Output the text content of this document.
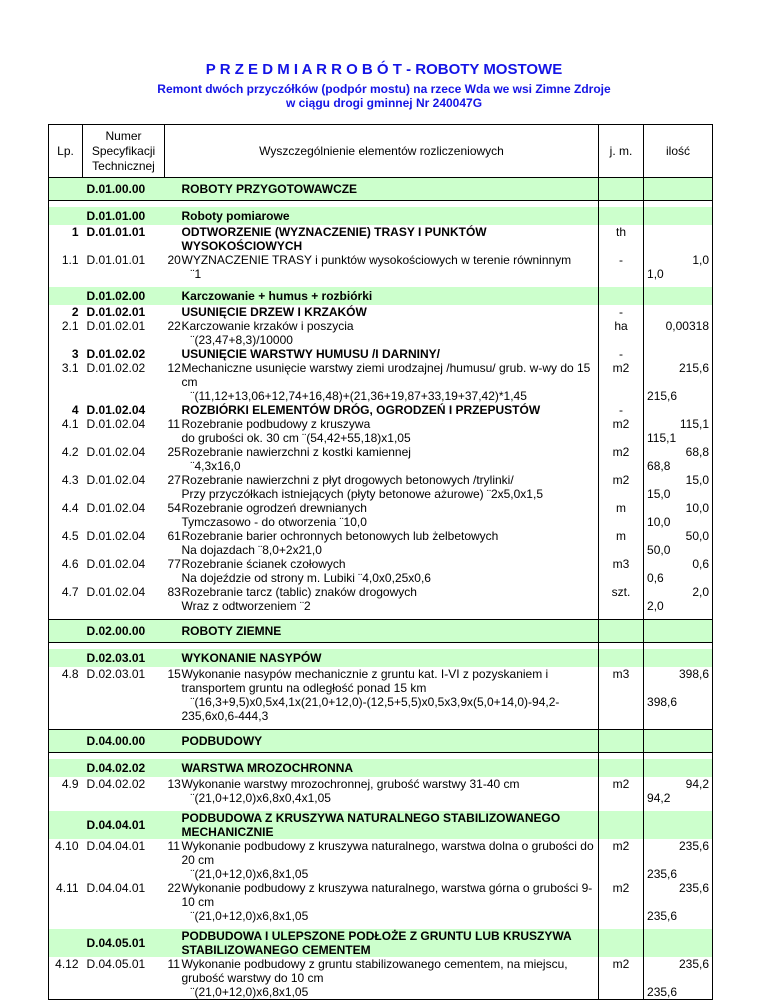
P R Z E D M I A R R O B Ó T - ROBOTY MOSTOWE
Remont dwóch przyczółków (podpór mostu) na rzece Wda we wsi Zimne Zdroje
w ciągu drogi gminnej Nr 240047G
Lp.	Numer Specyfikacji Technicznej	Wyszczególnienie elementów rozliczeniowych		j. m.	ilość
	D.01.00.00		ROBOTY PRZYGOTOWAWCZE		

	D.01.01.00		Roboty pomiarowe		
1	D.01.01.01		ODTWORZENIE (WYZNACZENIE) TRASY I PUNKTÓW	th	
			WYSOKOŚCIOWYCH		
1.1	D.01.01.01	20	WYZNACZENIE TRASY i punktów wysokościowych w terenie równinnym	-	1,0
			¨1		1,0

	D.01.02.00		Karczowanie + humus + rozbiórki		
2	D.01.02.01		USUNIĘCIE DRZEW I KRZAKÓW	-	
2.1	D.01.02.01	22	Karczowanie krzaków i poszycia	ha	0,00318
			¨(23,47+8,3)/10000		
3	D.01.02.02		USUNIĘCIE WARSTWY HUMUSU /I DARNINY/	-	
3.1	D.01.02.02	12	Mechaniczne usunięcie warstwy ziemi urodzajnej /humusu/ grub. w-wy do 15	m2	215,6
			cm		
			¨(11,12+13,06+12,74+16,48)+(21,36+19,87+33,19+37,42)*1,45		215,6
4	D.01.02.04		ROZBIÓRKI ELEMENTÓW DRÓG, OGRODZEŃ I PRZEPUSTÓW	-	
4.1	D.01.02.04	11	Rozebranie podbudowy z kruszywa	m2	115,1
			do grubości ok. 30 cm ¨(54,42+55,18)x1,05		115,1
4.2	D.01.02.04	25	Rozebranie nawierzchni z kostki kamiennej	m2	68,8
			¨4,3x16,0		68,8
4.3	D.01.02.04	27	Rozebranie nawierzchni z płyt drogowych betonowych /trylinki/	m2	15,0
			Przy przyczółkach istniejących (płyty betonowe ażurowe) ¨2x5,0x1,5		15,0
4.4	D.01.02.04	54	Rozebranie ogrodzeń drewnianych	m	10,0
			Tymczasowo - do otworzenia ¨10,0		10,0
4.5	D.01.02.04	61	Rozebranie barier ochronnych betonowych lub żelbetowych	m	50,0
			Na dojazdach ¨8,0+2x21,0		50,0
4.6	D.01.02.04	77	Rozebranie ścianek czołowych	m3	0,6
			Na dojeździe od strony m. Lubiki ¨4,0x0,25x0,6		0,6
4.7	D.01.02.04	83	Rozebranie tarcz (tablic) znaków drogowych	szt.	2,0
			Wraz z odtworzeniem ¨2		2,0

	D.02.00.00		ROBOTY ZIEMNE		

	D.02.03.01		WYKONANIE NASYPÓW		
4.8	D.02.03.01	15	Wykonanie nasypów mechanicznie z gruntu kat. I-VI z pozyskaniem i	m3	398,6
			transportem gruntu na odległość ponad 15 km		
			¨(16,3+9,5)x0,5x4,1x(21,0+12,0)-(12,5+5,5)x0,5x3,9x(5,0+14,0)-94,2-		398,6
			235,6x0,6-444,3		

	D.04.00.00		PODBUDOWY		

	D.04.02.02		WARSTWA MROZOCHRONNA		
4.9	D.04.02.02	13	Wykonanie warstwy mrozochronnej, grubość warstwy 31-40 cm	m2	94,2
			¨(21,0+12,0)x6,8x0,4x1,05		94,2

	D.04.04.01		PODBUDOWA Z KRUSZYWA NATURALNEGO STABILIZOWANEGO
MECHANICZNIE		

4.10	D.04.04.01	11	Wykonanie podbudowy z kruszywa naturalnego, warstwa dolna o grubości do	m2	235,6
			20 cm		
			¨(21,0+12,0)x6,8x1,05		235,6
4.11	D.04.04.01	22	Wykonanie podbudowy z kruszywa naturalnego, warstwa górna o grubości 9-	m2	235,6
			10 cm		
			¨(21,0+12,0)x6,8x1,05		235,6

	D.04.05.01		PODBUDOWA I ULEPSZONE PODŁOŻE Z GRUNTU LUB KRUSZYWA
STABILIZOWANEGO CEMENTEM		

4.12	D.04.05.01	11	Wykonanie podbudowy z gruntu stabilizowanego cementem, na miejscu,	m2	235,6
			grubość warstwy do 10 cm		
			¨(21,0+12,0)x6,8x1,05		235,6
